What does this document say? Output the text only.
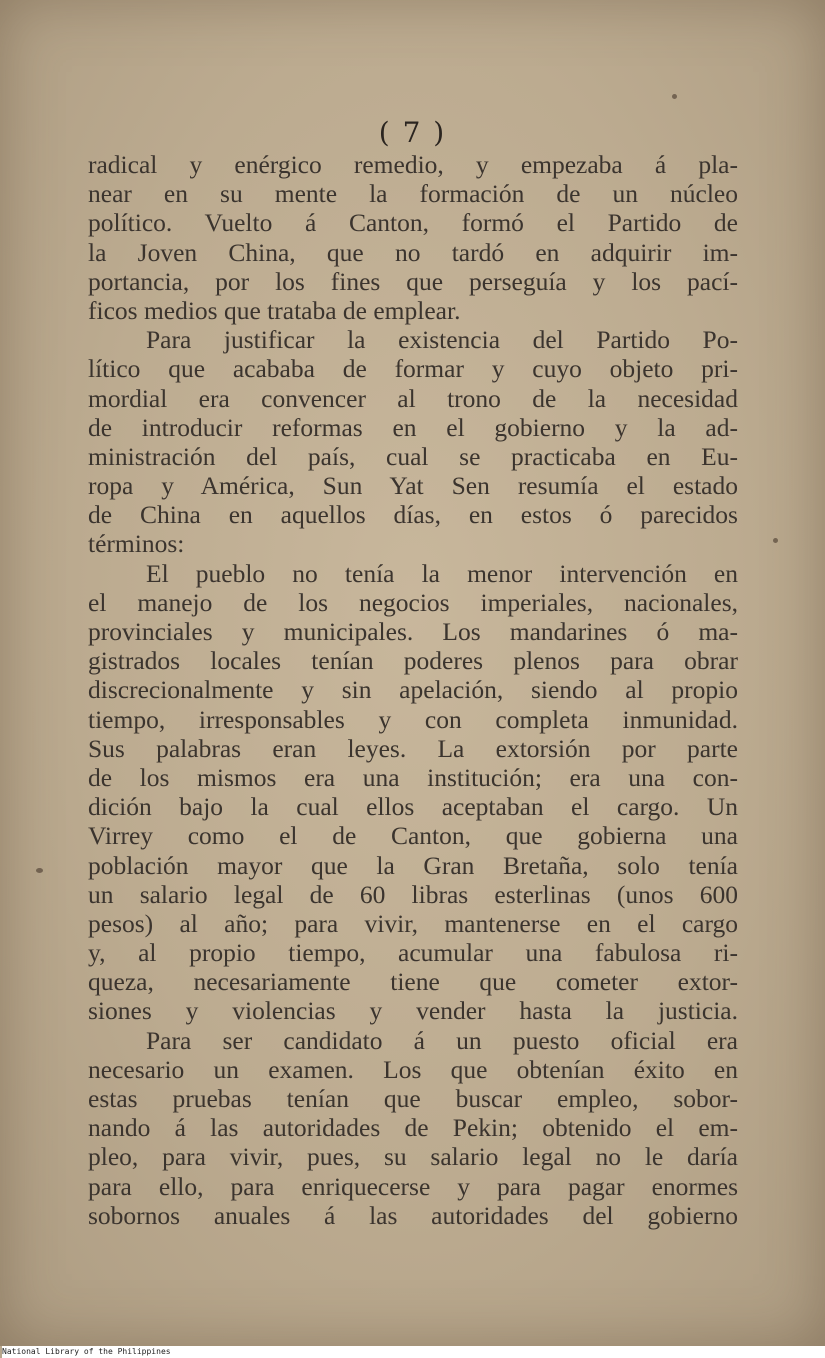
( 7 )
radical y enérgico remedio, y empezaba á pla-
near en su mente la formación de un núcleo
político. Vuelto á Canton, formó el Partido de
la Joven China, que no tardó en adquirir im-
portancia, por los fines que perseguía y los pací-
ficos medios que trataba de emplear.
Para justificar la existencia del Partido Po-
lítico que acababa de formar y cuyo objeto pri-
mordial era convencer al trono de la necesidad
de introducir reformas en el gobierno y la ad-
ministración del país, cual se practicaba en Eu-
ropa y América, Sun Yat Sen resumía el estado
de China en aquellos días, en estos ó parecidos
términos:
El pueblo no tenía la menor intervención en
el manejo de los negocios imperiales, nacionales,
provinciales y municipales. Los mandarines ó ma-
gistrados locales tenían poderes plenos para obrar
discrecionalmente y sin apelación, siendo al propio
tiempo, irresponsables y con completa inmunidad.
Sus palabras eran leyes. La extorsión por parte
de los mismos era una institución; era una con-
dición bajo la cual ellos aceptaban el cargo. Un
Virrey como el de Canton, que gobierna una
población mayor que la Gran Bretaña, solo tenía
un salario legal de 60 libras esterlinas (unos 600
pesos) al año; para vivir, mantenerse en el cargo
y, al propio tiempo, acumular una fabulosa ri-
queza, necesariamente tiene que cometer extor-
siones y violencias y vender hasta la justicia.
Para ser candidato á un puesto oficial era
necesario un examen. Los que obtenían éxito en
estas pruebas tenían que buscar empleo, sobor-
nando á las autoridades de Pekin; obtenido el em-
pleo, para vivir, pues, su salario legal no le daría
para ello, para enriquecerse y para pagar enormes
sobornos anuales á las autoridades del gobierno
National Library of the Philippines
